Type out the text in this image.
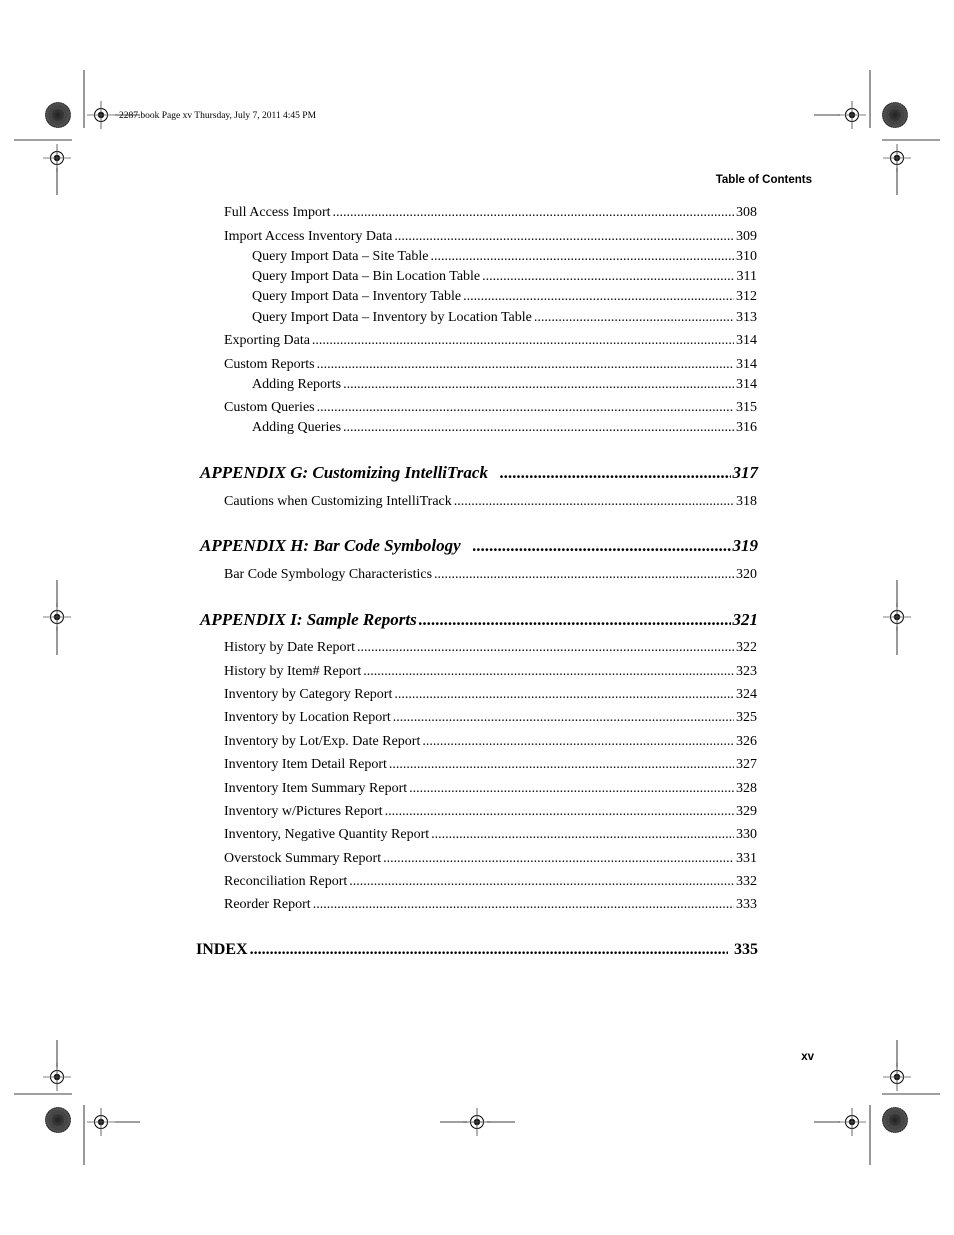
2287.book Page xv Thursday, July 7, 2011 4:45 PM
Table of Contents
Full Access Import .....	308
Import Access Inventory Data .....	309
Query Import Data – Site Table .....	310
Query Import Data – Bin Location Table .....	311
Query Import Data – Inventory Table .....	312
Query Import Data – Inventory by Location Table .....	313
Exporting Data .....	314
Custom Reports .....	314
Adding Reports .....	314
Custom Queries .....	315
Adding Queries .....	316
APPENDIX G: Customizing IntelliTrack .....	317
Cautions when Customizing IntelliTrack .....	318
APPENDIX H: Bar Code Symbology .....	319
Bar Code Symbology Characteristics .....	320
APPENDIX I: Sample Reports .....	321
History by Date Report .....	322
History by Item# Report .....	323
Inventory by Category Report .....	324
Inventory by Location Report .....	325
Inventory by Lot/Exp. Date Report .....	326
Inventory Item Detail Report .....	327
Inventory Item Summary Report .....	328
Inventory w/Pictures Report .....	329
Inventory, Negative Quantity Report .....	330
Overstock Summary Report .....	331
Reconciliation Report .....	332
Reorder Report .....	333
INDEX .....	335
xv
